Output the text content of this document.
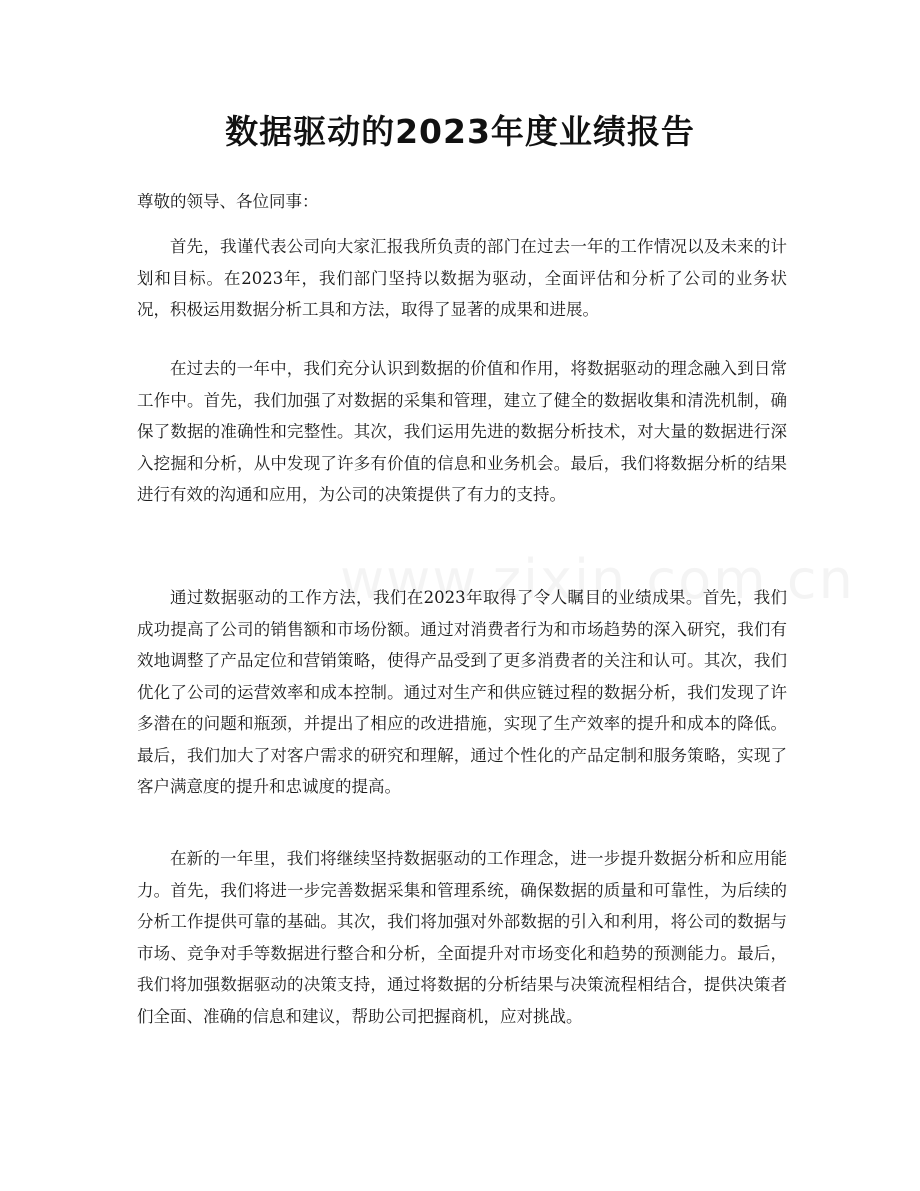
数据驱动的2023年度业绩报告
尊敬的领导、各位同事：

首先，我谨代表公司向大家汇报我所负责的部门在过去一年的工作情况以及未来的计划和目标。在2023年，我们部门坚持以数据为驱动，全面评估和分析了公司的业务状况，积极运用数据分析工具和方法，取得了显著的成果和进展。

在过去的一年中，我们充分认识到数据的价值和作用，将数据驱动的理念融入到日常工作中。首先，我们加强了对数据的采集和管理，建立了健全的数据收集和清洗机制，确保了数据的准确性和完整性。其次，我们运用先进的数据分析技术，对大量的数据进行深入挖掘和分析，从中发现了许多有价值的信息和业务机会。最后，我们将数据分析的结果进行有效的沟通和应用，为公司的决策提供了有力的支持。

通过数据驱动的工作方法，我们在2023年取得了令人瞩目的业绩成果。首先，我们成功提高了公司的销售额和市场份额。通过对消费者行为和市场趋势的深入研究，我们有效地调整了产品定位和营销策略，使得产品受到了更多消费者的关注和认可。其次，我们优化了公司的运营效率和成本控制。通过对生产和供应链过程的数据分析，我们发现了许多潜在的问题和瓶颈，并提出了相应的改进措施，实现了生产效率的提升和成本的降低。最后，我们加大了对客户需求的研究和理解，通过个性化的产品定制和服务策略，实现了客户满意度的提升和忠诚度的提高。

在新的一年里，我们将继续坚持数据驱动的工作理念，进一步提升数据分析和应用能力。首先，我们将进一步完善数据采集和管理系统，确保数据的质量和可靠性，为后续的分析工作提供可靠的基础。其次，我们将加强对外部数据的引入和利用，将公司的数据与市场、竞争对手等数据进行整合和分析，全面提升对市场变化和趋势的预测能力。最后，我们将加强数据驱动的决策支持，通过将数据的分析结果与决策流程相结合，提供决策者们全面、准确的信息和建议，帮助公司把握商机，应对挑战。
